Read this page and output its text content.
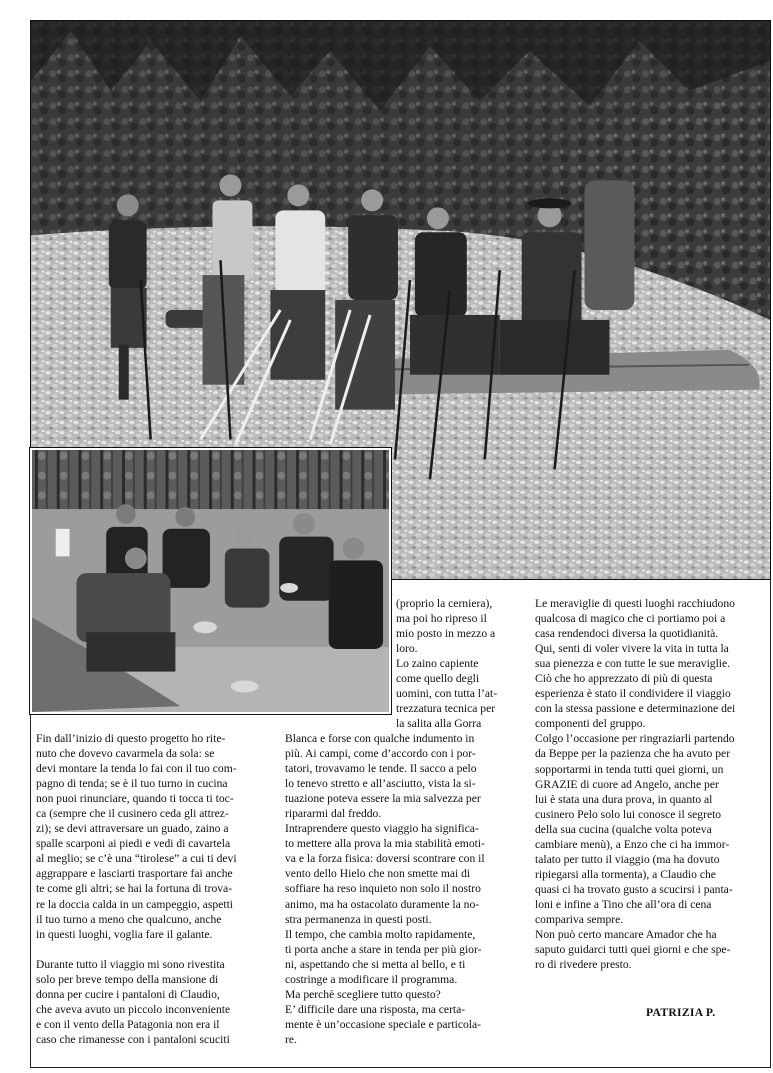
Fin dall’inizio di questo progetto ho rite-
nuto che dovevo cavarmela da sola: se
devi montare la tenda lo fai con il tuo com-
pagno di tenda; se è il tuo turno in cucina
non puoi rinunciare, quando ti tocca ti toc-
ca (sempre che il cusinero ceda gli attrez-
zi); se devi attraversare un guado, zaino a
spalle scarponi ai piedi e vedi di cavartela
al meglio; se c’è una “tirolese” a cui ti devi
aggrappare e lasciarti trasportare fai anche
te come gli altri; se hai la fortuna di trova-
re la doccia calda in un campeggio, aspetti
il tuo turno a meno che qualcuno, anche
in questi luoghi, voglia fare il galante.

Durante tutto il viaggio mi sono rivestita
solo per breve tempo della mansione di
donna per cucire i pantaloni di Claudio,
che aveva avuto un piccolo inconveniente
e con il vento della Patagonia non era il
caso che rimanesse con i pantaloni scuciti
(proprio la cerniera),
ma poi ho ripreso il
mio posto in mezzo a
loro.
Lo zaino capiente
come quello degli
uomini, con tutta l’at-
trezzatura tecnica per
la salita alla Gorra
Blanca e forse con qualche indumento in
più. Ai campi, come d’accordo con i por-
tatori, trovavamo le tende. Il sacco a pelo
lo tenevo stretto e all’asciutto, vista la si-
tuazione poteva essere la mia salvezza per
ripararmi dal freddo.
Intraprendere questo viaggio ha significa-
to mettere alla prova la mia stabilità emoti-
va e la forza fisica: doversi scontrare con il
vento dello Hielo che non smette mai di
soffiare ha reso inquieto non solo il nostro
animo, ma ha ostacolato duramente la no-
stra permanenza in questi posti.
Il tempo, che cambia molto rapidamente,
ti porta anche a stare in tenda per più gior-
ni, aspettando che si metta al bello, e ti
costringe a modificare il programma.
Ma perchè scegliere tutto questo?
E’ difficile dare una risposta, ma certa-
mente è un’occasione speciale e particola-
re.
Le meraviglie di questi luoghi racchiudono
qualcosa di magico che ci portiamo poi a
casa rendendoci diversa la quotidianità.
Qui, senti di voler vivere la vita in tutta la
sua pienezza e con tutte le sue meraviglie.
Ciò che ho apprezzato di più di questa
esperienza è stato il condividere il viaggio
con la stessa passione e determinazione dei
componenti del gruppo.
Colgo l’occasione per ringraziarli partendo
da Beppe per la pazienza che ha avuto per
sopportarmi in tenda tutti quei giorni, un
GRAZIE di cuore ad Angelo, anche per
lui è stata una dura prova, in quanto al
cusinero Pelo solo lui conosce il segreto
della sua cucina (qualche volta poteva
cambiare menù), a Enzo che ci ha immor-
talato per tutto il viaggio (ma ha dovuto
ripiegarsi alla tormenta), a Claudio che
quasi ci ha trovato gusto a scucirsi i panta-
loni e infine a Tino che all’ora di cena
compariva sempre.
Non può certo mancare Amador che ha
saputo guidarci tutti quei giorni e che spe-
ro di rivedere presto.
PATRIZIA P.
